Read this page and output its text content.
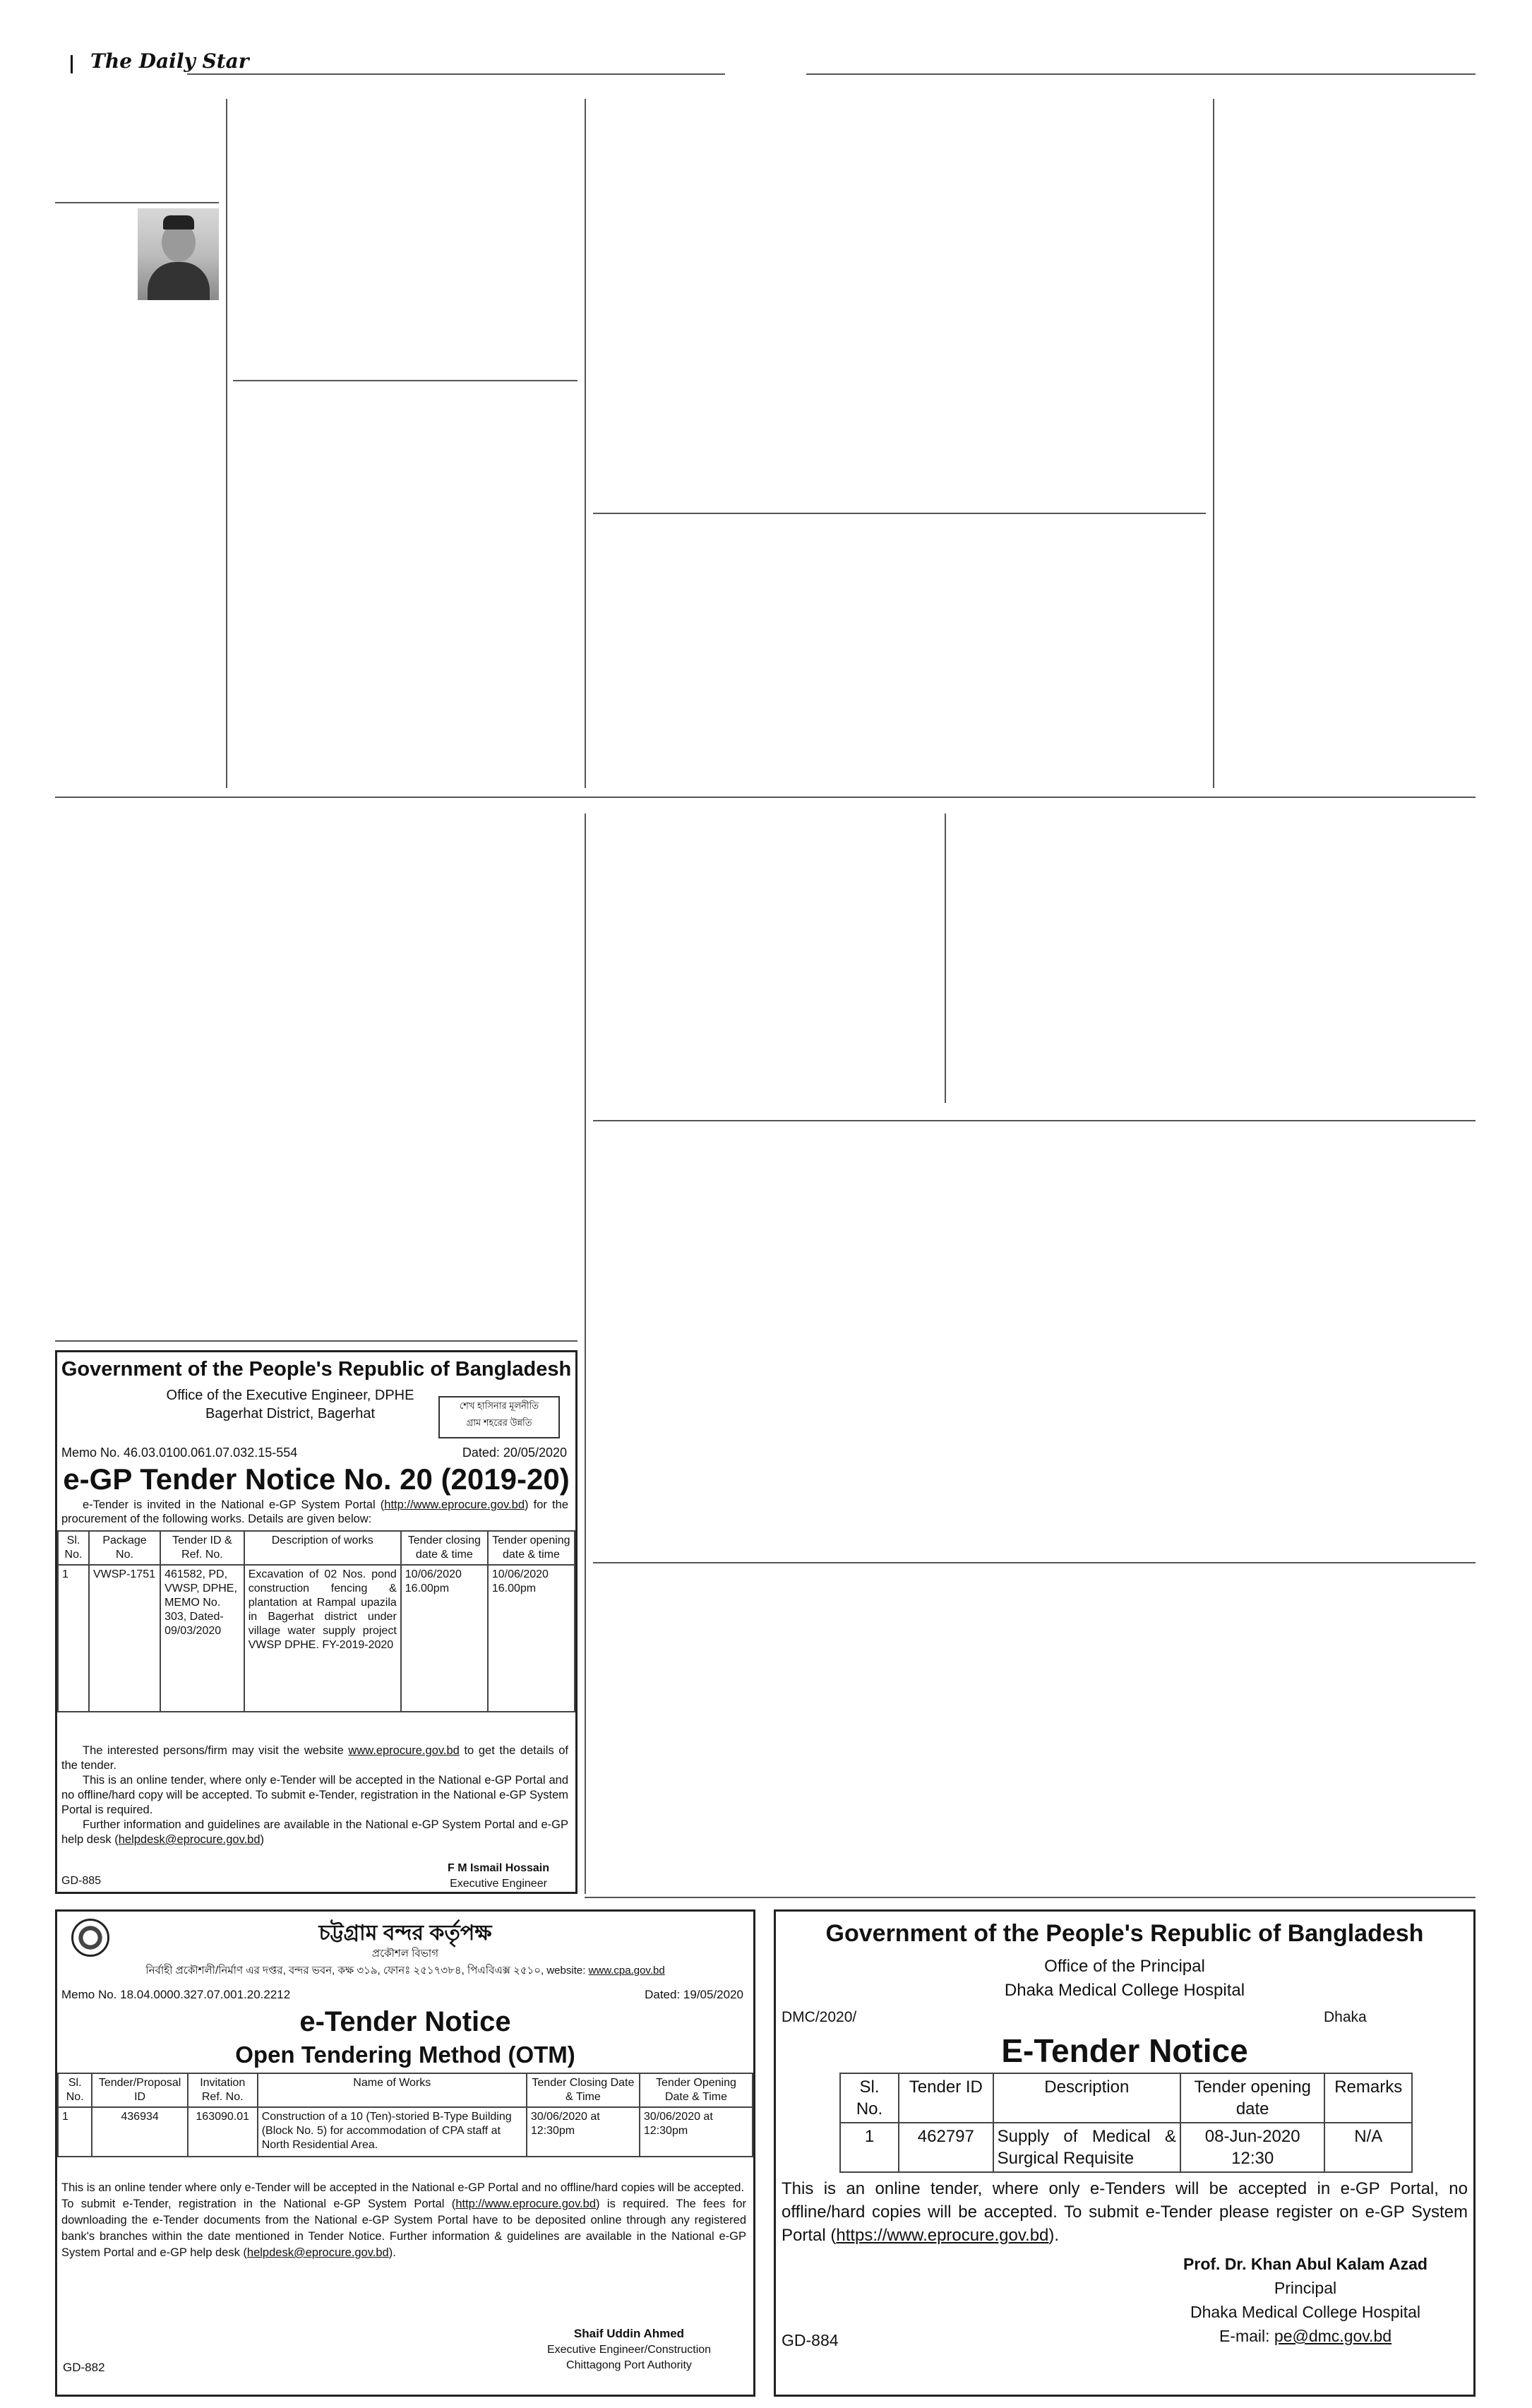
The Daily Star
Government of the People's Republic of Bangladesh
Office of the Executive Engineer, DPHE
Bagerhat District, Bagerhat
শেখ হাসিনার মূলনীতি
গ্রাম শহরের উন্নতি
Memo No. 46.03.0100.061.07.032.15-554	Dated: 20/05/2020
e-GP Tender Notice No. 20 (2019-20)
e-Tender is invited in the National e-GP System Portal (http://www.eprocure.gov.bd) for the procurement of the following works. Details are given below:
Sl. No.	Package No.	Tender ID & Ref. No.	Description of works	Tender closing date & time	Tender opening date & time
1	VWSP-1751	461582, PD, VWSP, DPHE, MEMO No. 303, Dated-09/03/2020	Excavation of 02 Nos. pond construction fencing & plantation at Rampal upazila in Bagerhat district under village water supply project VWSP DPHE. FY-2019-2020	10/06/2020 16.00pm	10/06/2020 16.00pm
The interested persons/firm may visit the website www.eprocure.gov.bd to get the details of the tender.
This is an online tender, where only e-Tender will be accepted in the National e-GP Portal and no offline/hard copy will be accepted. To submit e-Tender, registration in the National e-GP System Portal is required.
Further information and guidelines are available in the National e-GP System Portal and e-GP help desk (helpdesk@eprocure.gov.bd)
F M Ismail Hossain
Executive Engineer
GD-885
চট্টগ্রাম বন্দর কর্তৃপক্ষ
প্রকৌশল বিভাগ
নির্বাহী প্রকৌশলী/নির্মাণ এর দপ্তর, বন্দর ভবন, কক্ষ ৩১৯, ফোনঃ ২৫১৭৩৮৪, পিএবিএক্স ২৫১০, website: www.cpa.gov.bd
Memo No. 18.04.0000.327.07.001.20.2212	Dated: 19/05/2020
e-Tender Notice
Open Tendering Method (OTM)
Sl. No.	Tender/Proposal ID	Invitation Ref. No.	Name of Works	Tender Closing Date & Time	Tender Opening Date & Time
1	436934	163090.01	Construction of a 10 (Ten)-storied B-Type Building (Block No. 5) for accommodation of CPA staff at North Residential Area.	30/06/2020 at 12:30pm	30/06/2020 at 12:30pm
This is an online tender where only e-Tender will be accepted in the National e-GP Portal and no offline/hard copies will be accepted.
To submit e-Tender, registration in the National e-GP System Portal (http://www.eprocure.gov.bd) is required. The fees for downloading the e-Tender documents from the National e-GP System Portal have to be deposited online through any registered bank's branches within the date mentioned in Tender Notice. Further information & guidelines are available in the National e-GP System Portal and e-GP help desk (helpdesk@eprocure.gov.bd).
Shaif Uddin Ahmed
Executive Engineer/Construction
Chittagong Port Authority
GD-882
Government of the People's Republic of Bangladesh
Office of the Principal
Dhaka Medical College Hospital
DMC/2020/	Dhaka
E-Tender Notice
Sl. No.	Tender ID	Description	Tender opening date	Remarks
1	462797	Supply of Medical & Surgical Requisite	08-Jun-2020 12:30	N/A
This is an online tender, where only e-Tenders will be accepted in e-GP Portal, no offline/hard copies will be accepted. To submit e-Tender please register on e-GP System Portal (https://www.eprocure.gov.bd).
Prof. Dr. Khan Abul Kalam Azad
Principal
Dhaka Medical College Hospital
E-mail: pe@dmc.gov.bd
GD-884
